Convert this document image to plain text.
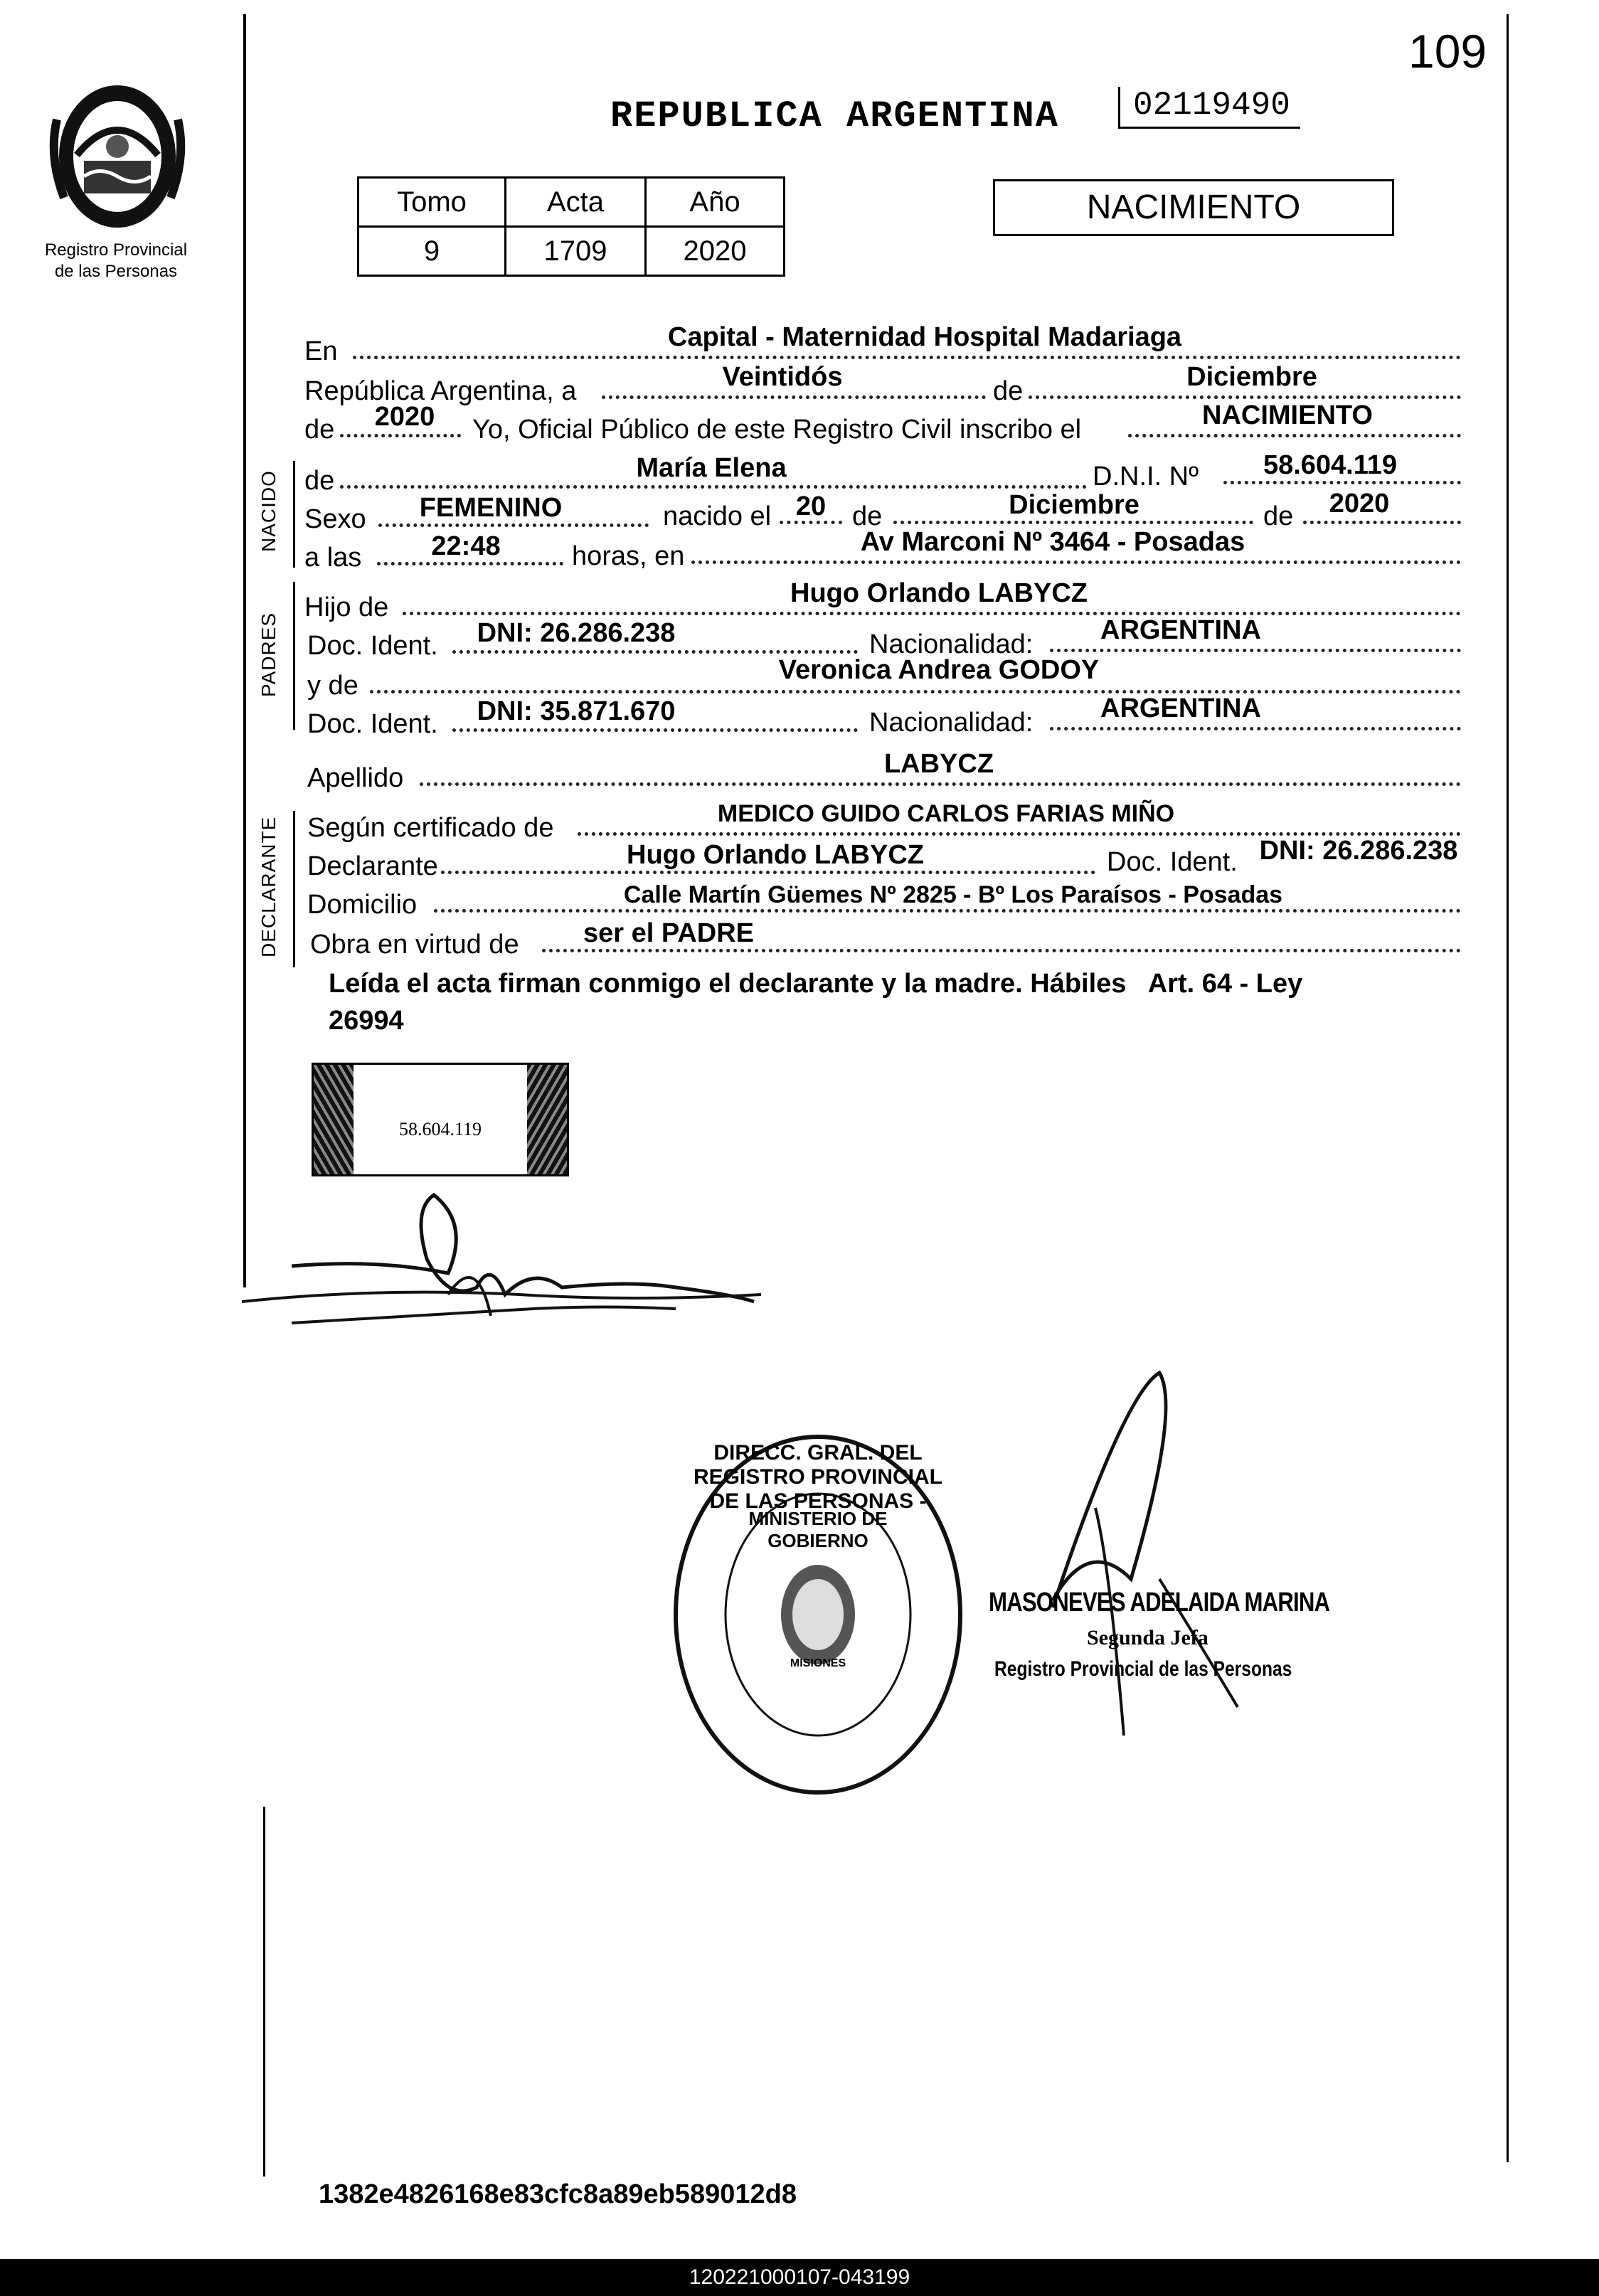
109
Registro Provincial
de las Personas
REPUBLICA ARGENTINA	02119490
Tomo	Acta	Año
9	1709	2020
NACIMIENTO
En	Capital - Maternidad Hospital Madariaga
República Argentina, a	Veintidós	de	Diciembre
de	2020	Yo, Oficial Público de este Registro Civil inscribo el	NACIMIENTO
NACIDO de	María Elena	D.N.I. Nº	58.604.119
Sexo	FEMENINO	nacido el 20 de	Diciembre	de	2020
a las	22:48	horas, en	Av Marconi Nº 3464 - Posadas
PADRES
Hijo de	Hugo Orlando LABYCZ
Doc. Ident.	DNI: 26.286.238	Nacionalidad:	ARGENTINA
y de
Veronica Andrea GODOY
Doc. Ident.	DNI: 35.871.670	Nacionalidad:	ARGENTINA
Apellido	LABYCZ
DECLARANTE Según certificado de	MEDICO GUIDO CARLOS FARIAS MIÑO
Declarante	Hugo Orlando LABYCZ	Doc. Ident. DNI: 26.286.238
Domicilio	Calle Martín Güemes Nº 2825 - Bº Los Paraísos - Posadas
Obra en virtud de	ser el PADRE
Leída el acta firman conmigo el declarante y la madre. Hábiles   Art. 64 - Ley
26994
58.604.119
DIRECC. GRAL. DEL REGISTRO PROVINCIAL DE LAS PERSONAS -
MINISTERIO DE GOBIERNO
MISIONES
MASONEVES ADELAIDA MARINA
Segunda Jefa
Registro Provincial de las Personas
1382e4826168e83cfc8a89eb589012d8
120221000107-043199
